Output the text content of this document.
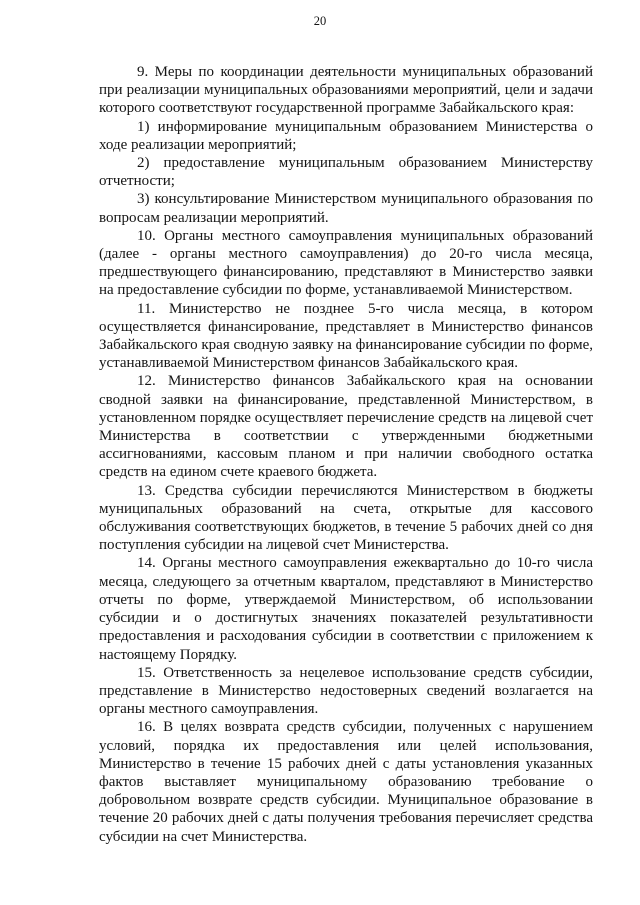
20

9. Меры по координации деятельности муниципальных образований при реализации муниципальных образованиями мероприятий, цели и задачи которого соответствуют государственной программе Забайкальского края:

1) информирование муниципальным образованием Министерства о ходе реализации мероприятий;

2) предоставление муниципальным образованием Министерству отчетности;

3) консультирование Министерством муниципального образования по вопросам реализации мероприятий.

10. Органы местного самоуправления муниципальных образований (далее - органы местного самоуправления) до 20-го числа месяца, предшествующего финансированию, представляют в Министерство заявки на предоставление субсидии по форме, устанавливаемой Министерством.

11. Министерство не позднее 5-го числа месяца, в котором осуществляется финансирование, представляет в Министерство финансов Забайкальского края сводную заявку на финансирование субсидии по форме, устанавливаемой Министерством финансов Забайкальского края.

12. Министерство финансов Забайкальского края на основании сводной заявки на финансирование, представленной Министерством, в установленном порядке осуществляет перечисление средств на лицевой счет Министерства в соответствии с утвержденными бюджетными ассигнованиями, кассовым планом и при наличии свободного остатка средств на едином счете краевого бюджета.

13. Средства субсидии перечисляются Министерством в бюджеты муниципальных образований на счета, открытые для кассового обслуживания соответствующих бюджетов, в течение 5 рабочих дней со дня поступления субсидии на лицевой счет Министерства.

14. Органы местного самоуправления ежеквартально до 10-го числа месяца, следующего за отчетным кварталом, представляют в Министерство отчеты по форме, утверждаемой Министерством, об использовании субсидии и о достигнутых значениях показателей результативности предоставления и расходования субсидии в соответствии с приложением к настоящему Порядку.

15. Ответственность за нецелевое использование средств субсидии, представление в Министерство недостоверных сведений возлагается на органы местного самоуправления.

16. В целях возврата средств субсидии, полученных с нарушением условий, порядка их предоставления или целей использования, Министерство в течение 15 рабочих дней с даты установления указанных фактов выставляет муниципальному образованию требование о добровольном возврате средств субсидии. Муниципальное образование в течение 20 рабочих дней с даты получения требования перечисляет средства субсидии на счет Министерства.
